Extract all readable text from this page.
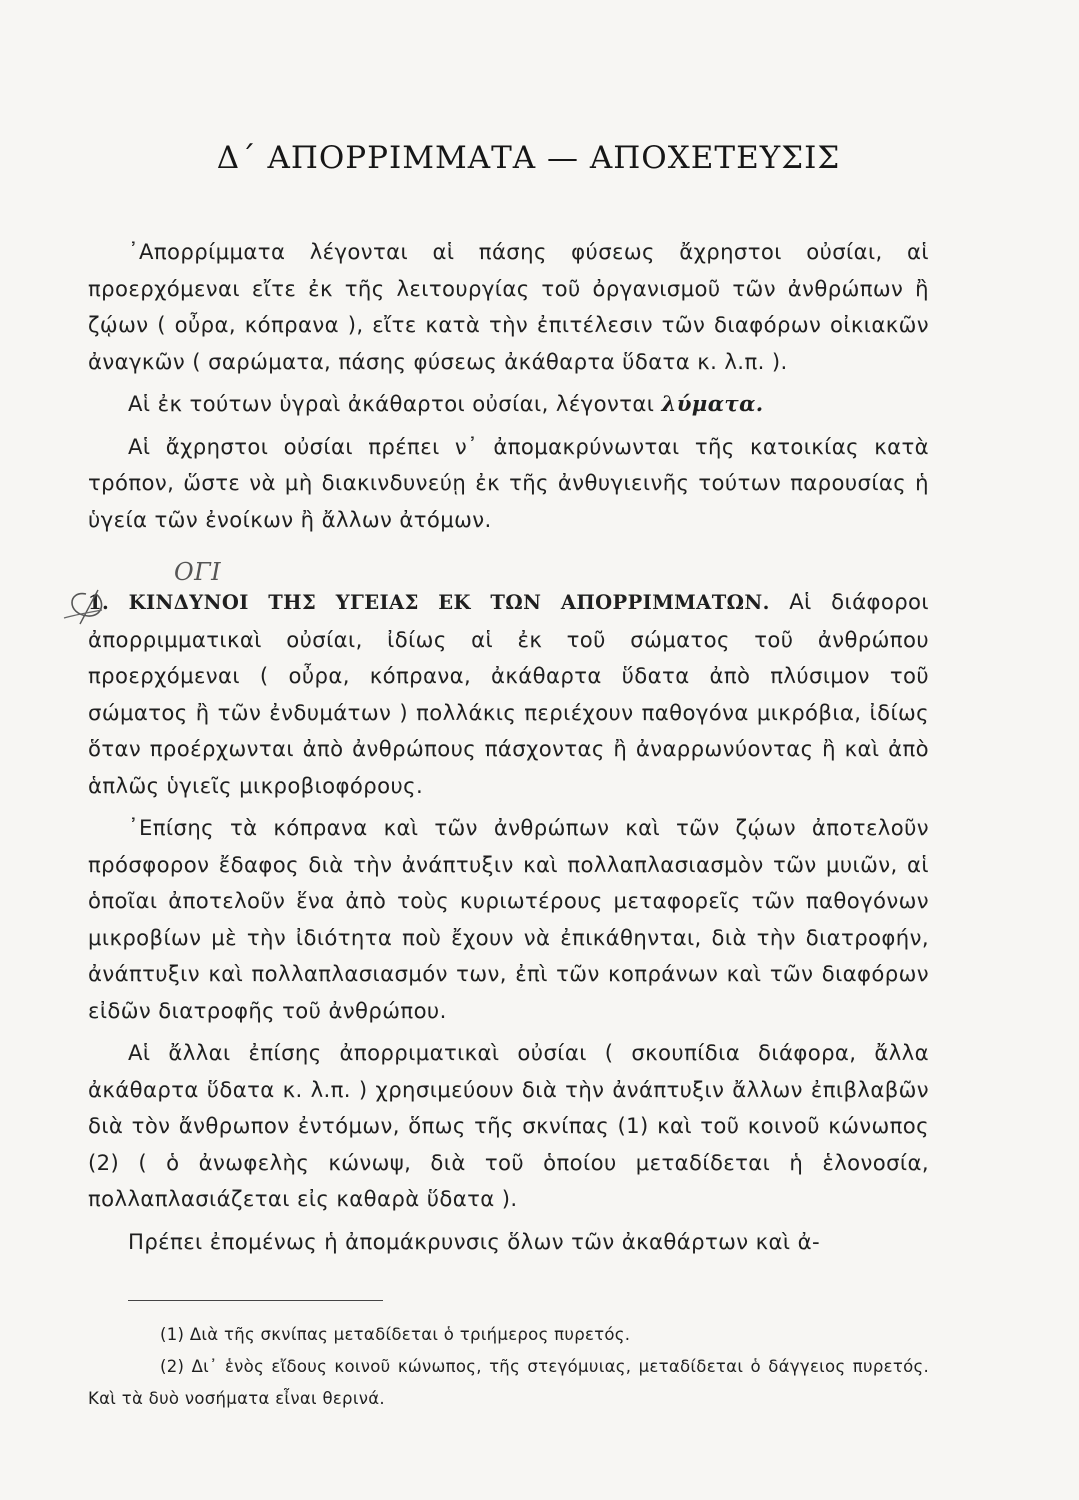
Δ΄ ΑΠΟΡΡΙΜΜΑΤΑ — ΑΠΟΧΕΤΕΥΣΙΣ

᾽Απορρίμματα λέγονται αἱ πάσης φύσεως ἄχρηστοι οὐσίαι, αἱ προερχόμεναι εἴτε ἐκ τῆς λειτουργίας τοῦ ὀργανισμοῦ τῶν ἀνθρώπων ἢ ζῴων ( οὖρα, κόπρανα ), εἴτε κατὰ τὴν ἐπιτέλεσιν τῶν διαφόρων οἰκιακῶν ἀναγκῶν ( σαρώματα, πάσης φύσεως ἀκάθαρτα ὕδατα κ. λ.π. ).

Αἱ ἐκ τούτων ὑγραὶ ἀκάθαρτοι οὐσίαι, λέγονται λύματα.

Αἱ ἄχρηστοι οὐσίαι πρέπει ν᾽ ἀπομακρύνωνται τῆς κατοικίας κατὰ τρόπον, ὥστε νὰ μὴ διακινδυνεύῃ ἐκ τῆς ἀνθυγιεινῆς τούτων παρουσίας ἡ ὑγεία τῶν ἐνοίκων ἢ ἄλλων ἀτόμων.

ΟΓΙ
1. ΚΙΝΔΥΝΟΙ ΤΗΣ ΥΓΕΙΑΣ ΕΚ ΤΩΝ ΑΠΟΡΡΙΜΜΑΤΩΝ. Αἱ διάφοροι ἀπορριμματικαὶ οὐσίαι, ἰδίως αἱ ἐκ τοῦ σώματος τοῦ ἀνθρώπου προερχόμεναι ( οὖρα, κόπρανα, ἀκάθαρτα ὕδατα ἀπὸ πλύσιμον τοῦ σώματος ἢ τῶν ἐνδυμάτων ) πολλάκις περιέχουν παθογόνα μικρόβια, ἰδίως ὅταν προέρχωνται ἀπὸ ἀνθρώπους πάσχοντας ἢ ἀναρρωνύοντας ἢ καὶ ἀπὸ ἁπλῶς ὑγιεῖς μικροβιοφόρους.

᾽Επίσης τὰ κόπρανα καὶ τῶν ἀνθρώπων καὶ τῶν ζῴων ἀποτελοῦν πρόσφορον ἔδαφος διὰ τὴν ἀνάπτυξιν καὶ πολλαπλασιασμὸν τῶν μυιῶν, αἱ ὁποῖαι ἀποτελοῦν ἕνα ἀπὸ τοὺς κυριωτέρους μεταφορεῖς τῶν παθογόνων μικροβίων μὲ τὴν ἰδιότητα ποὺ ἔχουν νὰ ἐπικάθηνται, διὰ τὴν διατροφήν, ἀνάπτυξιν καὶ πολλαπλασιασμόν των, ἐπὶ τῶν κοπράνων καὶ τῶν διαφόρων εἰδῶν διατροφῆς τοῦ ἀνθρώπου.

Αἱ ἄλλαι ἐπίσης ἀπορριματικαὶ οὐσίαι ( σκουπίδια διάφορα, ἄλλα ἀκάθαρτα ὕδατα κ. λ.π. ) χρησιμεύουν διὰ τὴν ἀνάπτυξιν ἄλλων ἐπιβλαβῶν διὰ τὸν ἄνθρωπον ἐντόμων, ὅπως τῆς σκνίπας (1) καὶ τοῦ κοινοῦ κώνωπος (2) ( ὁ ἀνωφελὴς κώνωψ, διὰ τοῦ ὁποίου μεταδίδεται ἡ ἑλονοσία, πολλαπλασιάζεται εἰς καθαρὰ ὕδατα ).

Πρέπει ἐπομένως ἡ ἀπομάκρυνσις ὅλων τῶν ἀκαθάρτων καὶ ἀ-

(1) Διὰ τῆς σκνίπας μεταδίδεται ὁ τριήμερος πυρετός.

(2) Δι᾽ ἑνὸς εἴδους κοινοῦ κώνωπος, τῆς στεγόμυιας, μεταδίδεται ὁ δάγγειος πυρετός. Καὶ τὰ δυὸ νοσήματα εἶναι θερινά.
